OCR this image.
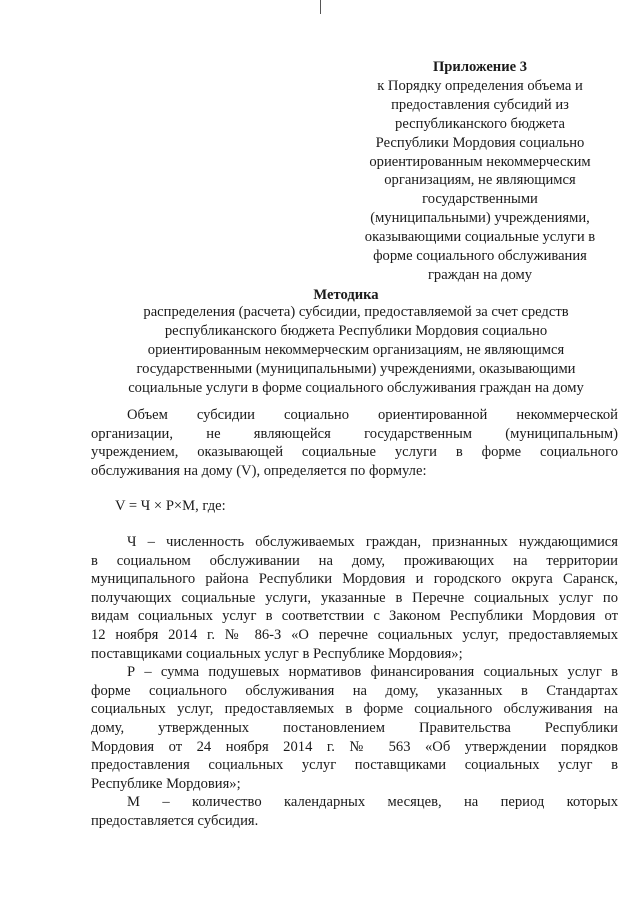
Приложение 3
к Порядку определения объема и
предоставления субсидий из
республиканского бюджета
Республики Мордовия социально
ориентированным некоммерческим
организациям, не являющимся
государственными
(муниципальными) учреждениями,
оказывающими социальные услуги в
форме социального обслуживания
граждан на дому
Методика
распределения (расчета) субсидии, предоставляемой за счет средств
республиканского бюджета Республики Мордовия социально
ориентированным некоммерческим организациям, не являющимся
государственными (муниципальными) учреждениями, оказывающими
социальные услуги в форме социального обслуживания граждан на дому
Объем субсидии социально ориентированной некоммерческой
организации, не являющейся государственным (муниципальным)
учреждением, оказывающей социальные услуги в форме социального
обслуживания на дому (V), определяется по формуле:
V = Ч × Р×М, где:
Ч – численность обслуживаемых граждан, признанных нуждающимися
в социальном обслуживании на дому, проживающих на территории
муниципального района Республики Мордовия и городского округа Саранск,
получающих социальные услуги, указанные в Перечне социальных услуг по
видам социальных услуг в соответствии с Законом Республики Мордовия от
12 ноября 2014 г. № 86-З «О перечне социальных услуг, предоставляемых
поставщиками социальных услуг в Республике Мордовия»;
Р – сумма подушевых нормативов финансирования социальных услуг в
форме социального обслуживания на дому, указанных в Стандартах
социальных услуг, предоставляемых в форме социального обслуживания на
дому, утвержденных постановлением Правительства Республики
Мордовия от 24 ноября 2014 г. № 563 «Об утверждении порядков
предоставления социальных услуг поставщиками социальных услуг в
Республике Мордовия»;
М – количество календарных месяцев, на период которых
предоставляется субсидия.
